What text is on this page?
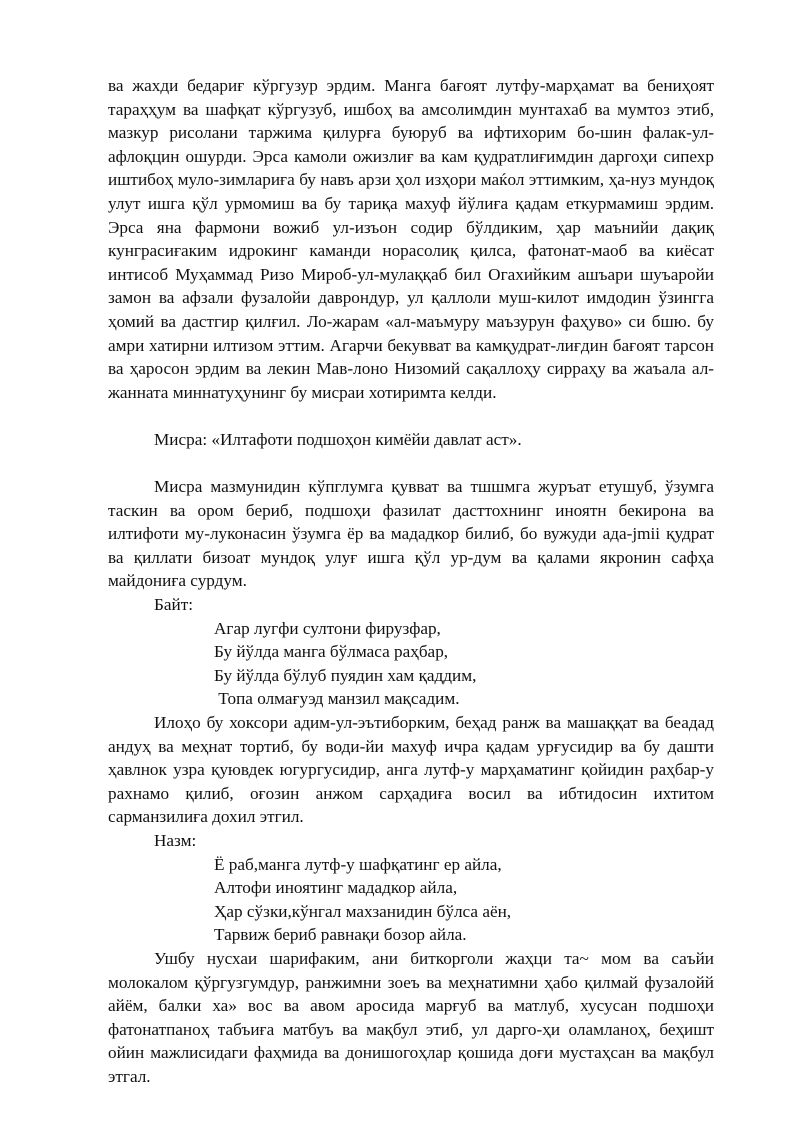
ва жахди бедариғ кўргузур эрдим. Манга бағоят лутфу-марҳамат ва бениҳоят тараҳҳум ва шафқат кўргузуб, ишбоҳ ва амсолимдин мунтахаб ва мумтоз этиб, мазкур рисолани таржима қилурға буюруб ва ифтихорим бо-шин фалак-ул-афлоқцин ошурди. Эрса камоли ожизлиғ ва кам қудратлиғимдин даргоҳи сипехр иштибоҳ муло-зимлариға бу навъ арзи ҳол изҳори маќол эттимким, ҳа-нуз мундоқ улут ишга қўл урмомиш ва бу тариқа махуф йўлиға қадам еткурмамиш эрдим. Эрса яна фармони вожиб ул-изъон содир бўлдиким, ҳар маънийи дақиқ кунграсиғаким идрокинг каманди норасолиқ қилса, фатонат-маоб ва киёсат интисоб Муҳаммад Ризо Мироб-ул-мулаққаб бил Огахийким ашъари шуъаройи замон ва афзали фузалойи даврондур, ул қаллоли муш-килот имдодин ўзингга ҳомий ва дастгир қилғил. Ло-жарам «ал-маъмуру маъзурун фаҳуво» си бшю. бу амри хатирни илтизом эттим. Агарчи бекувват ва камқудрат-лиғдин бағоят тарсон ва ҳаросон эрдим ва лекин Мав-лоно Низомий сақаллоҳу сирраҳу ва жаъала ал-жанната миннатуҳунинг бу мисраи хотиримта келди.

Мисра: «Илтафоти подшоҳон кимёйи давлат аст».

Мисра мазмунидин кўпглумга қувват ва тшшмга журъат етушуб, ўзумга таскин ва ором бериб, подшоҳи фазилат дасттохнинг иноятн бекирона ва илтифоти му-луконасин ўзумга ёр ва мададкор билиб, бо вужуди ада-jmii қудрат ва қиллати бизоат мундоқ улуғ ишга қўл ур-дум ва қалами якронин сафҳа майдониға сурдум.

Байт:

Агар лугфи султони фирузфар,
Бу йўлда манга бўлмаса раҳбар,
Бу йўлда бўлуб пуядин хам қаддим,
Топа олмағуэд манзил мақсадим.

Илоҳо бу хоксори адим-ул-эътиборким, беҳад ранж ва машаққат ва беадад андуҳ ва меҳнат тортиб, бу води-йи махуф ичра қадам урғусидир ва бу дашти ҳавлнок узра қуювдек югургусидир, анга лутф-у марҳаматинг қойидин раҳбар-у рахнамо қилиб, оғозин анжом сарҳадиға восил ва ибтидосин ихтитом сарманзилиға дохил этгил.

Назм:

Ё раб,манга лутф-у шафқатинг ер айла,
Алтофи иноятинг мададкор айла,
Ҳар сўзки,кўнгал махзанидин бўлса аён,
Тарвиж бериб равнақи бозор айла.

Ушбу нусхаи шарифаким, ани биткорголи жаҳци та~ мом ва саъйи молокалом қўргузгумдур, ранжимни зоеъ ва меҳнатимни ҳабо қилмай фузалойй айём, балки ха» вос ва авом аросида марғуб ва матлуб, хусусан подшоҳи фатонатпаноҳ табъиға матбуъ ва мақбул этиб, ул дарго-ҳи оламланоҳ, беҳишт ойин мажлисидаги фаҳмида ва донишогоҳлар қошида доғи мустаҳсан ва мақбул этгал.
